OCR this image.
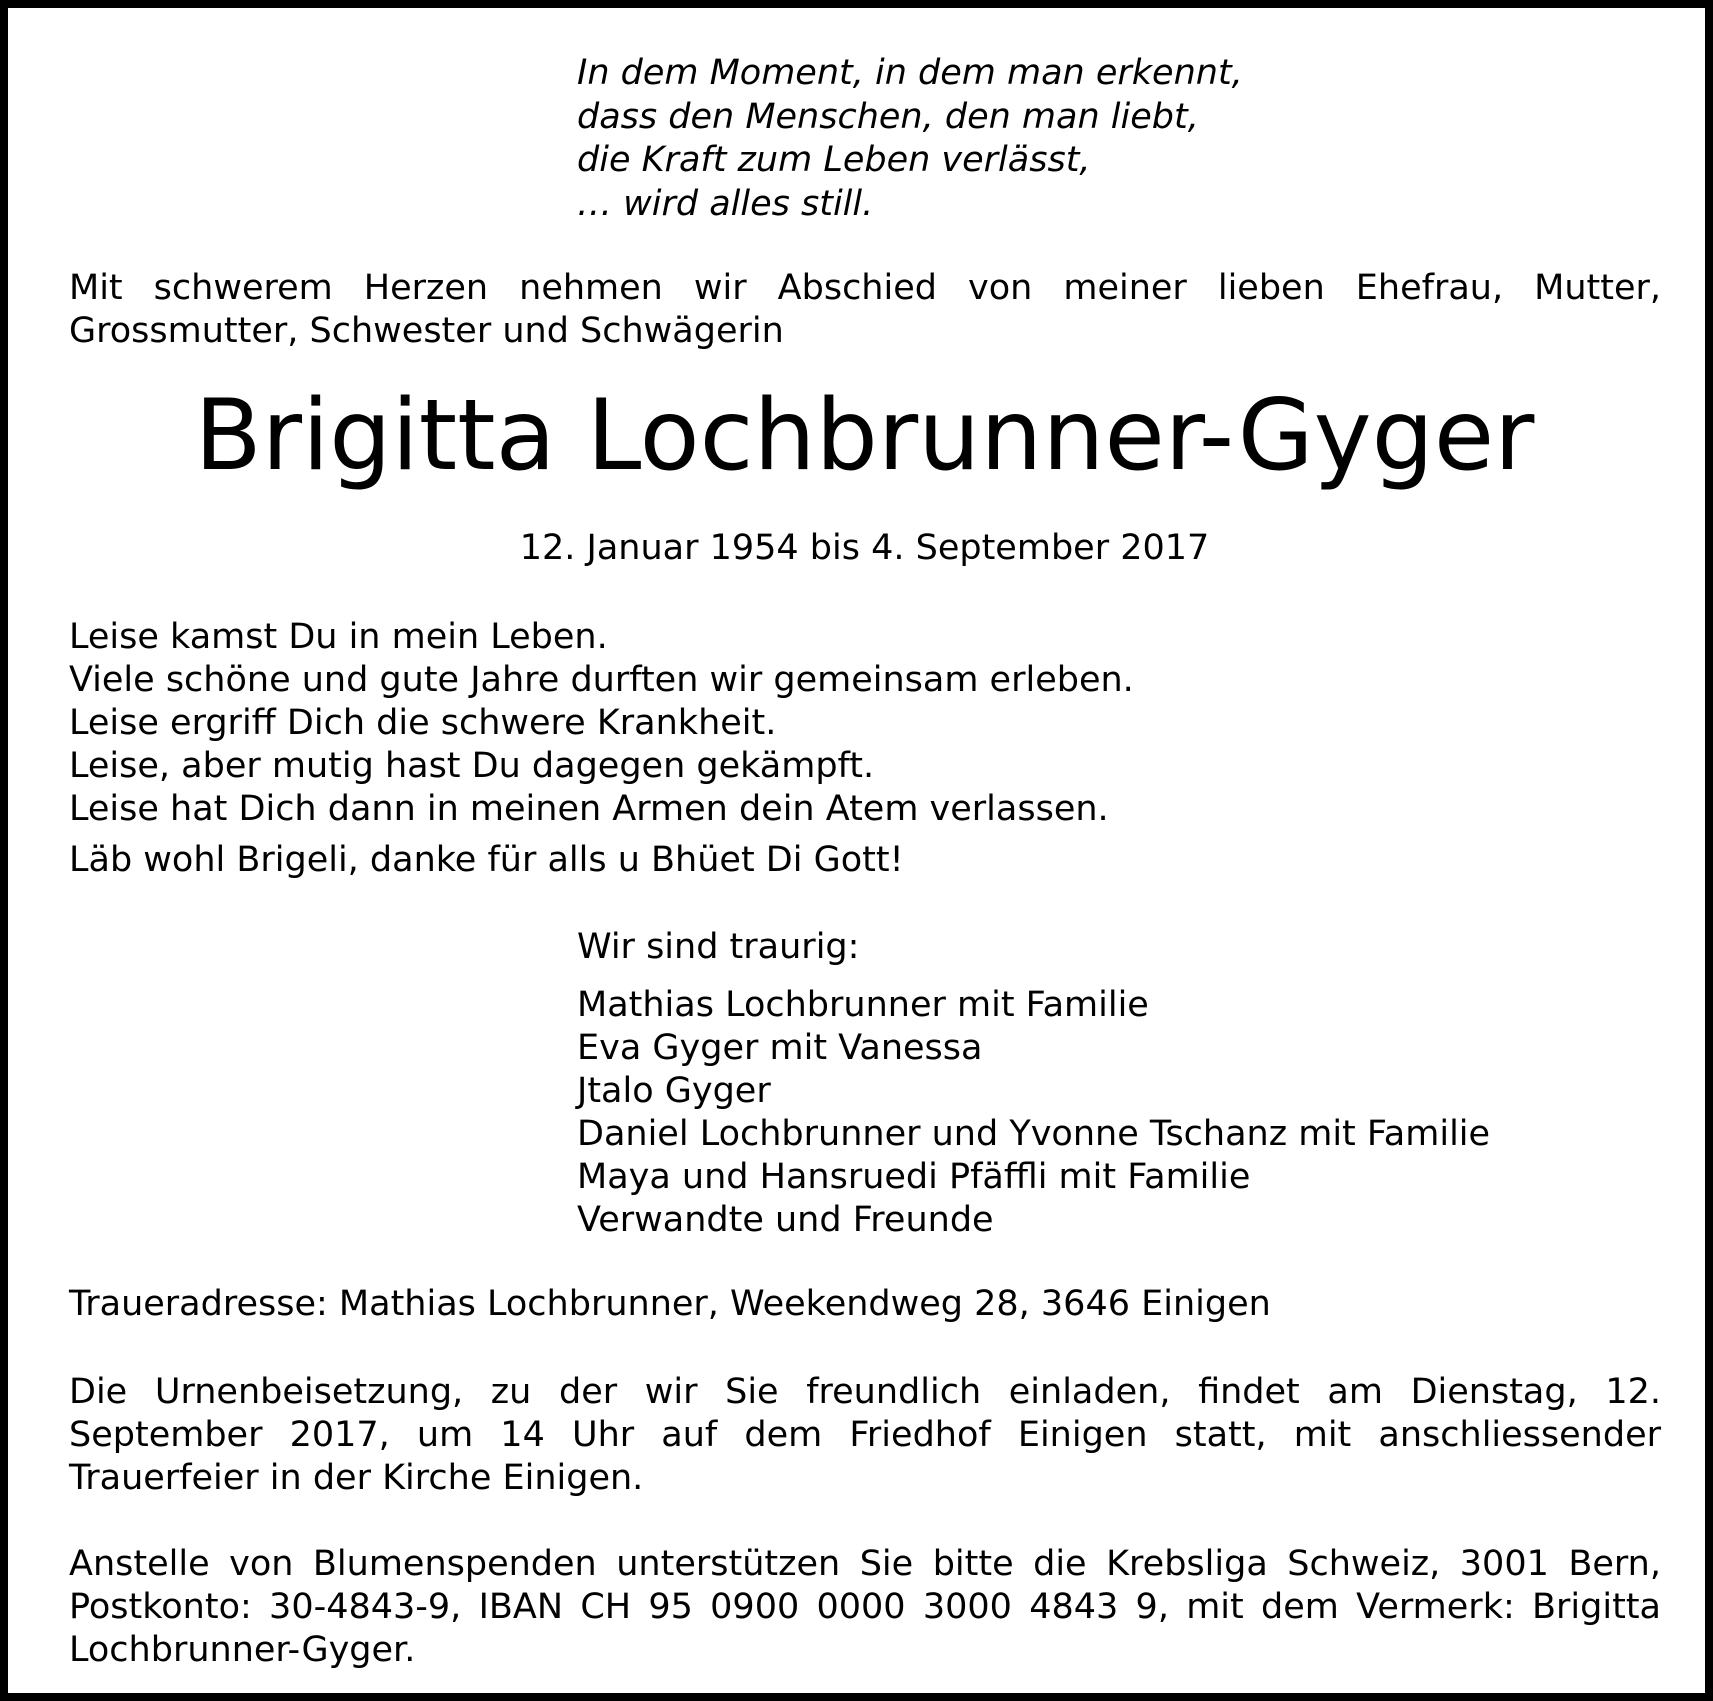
In dem Moment, in dem man erkennt,
dass den Menschen, den man liebt,
die Kraft zum Leben verlässt,
… wird alles still.
Mit schwerem Herzen nehmen wir Abschied von meiner lieben Ehefrau, Mutter, Grossmutter, Schwester und Schwägerin
Brigitta Lochbrunner-Gyger
12. Januar 1954 bis 4. September 2017
Leise kamst Du in mein Leben.
Viele schöne und gute Jahre durften wir gemeinsam erleben.
Leise ergriff Dich die schwere Krankheit.
Leise, aber mutig hast Du dagegen gekämpft.
Leise hat Dich dann in meinen Armen dein Atem verlassen.
Läb wohl Brigeli, danke für alls u Bhüet Di Gott!
Wir sind traurig:
Mathias Lochbrunner mit Familie
Eva Gyger mit Vanessa
Jtalo Gyger
Daniel Lochbrunner und Yvonne Tschanz mit Familie
Maya und Hansruedi Pfäffli mit Familie
Verwandte und Freunde
Traueradresse: Mathias Lochbrunner, Weekendweg 28, 3646 Einigen
Die Urnenbeisetzung, zu der wir Sie freundlich einladen, findet am Dienstag, 12. September 2017, um 14 Uhr auf dem Friedhof Einigen statt, mit anschliessender Trauerfeier in der Kirche Einigen.
Anstelle von Blumenspenden unterstützen Sie bitte die Krebsliga Schweiz, 3001 Bern, Postkonto: 30-4843-9, IBAN CH 95 0900 0000 3000 4843 9, mit dem Vermerk: Brigitta Lochbrunner-Gyger.
